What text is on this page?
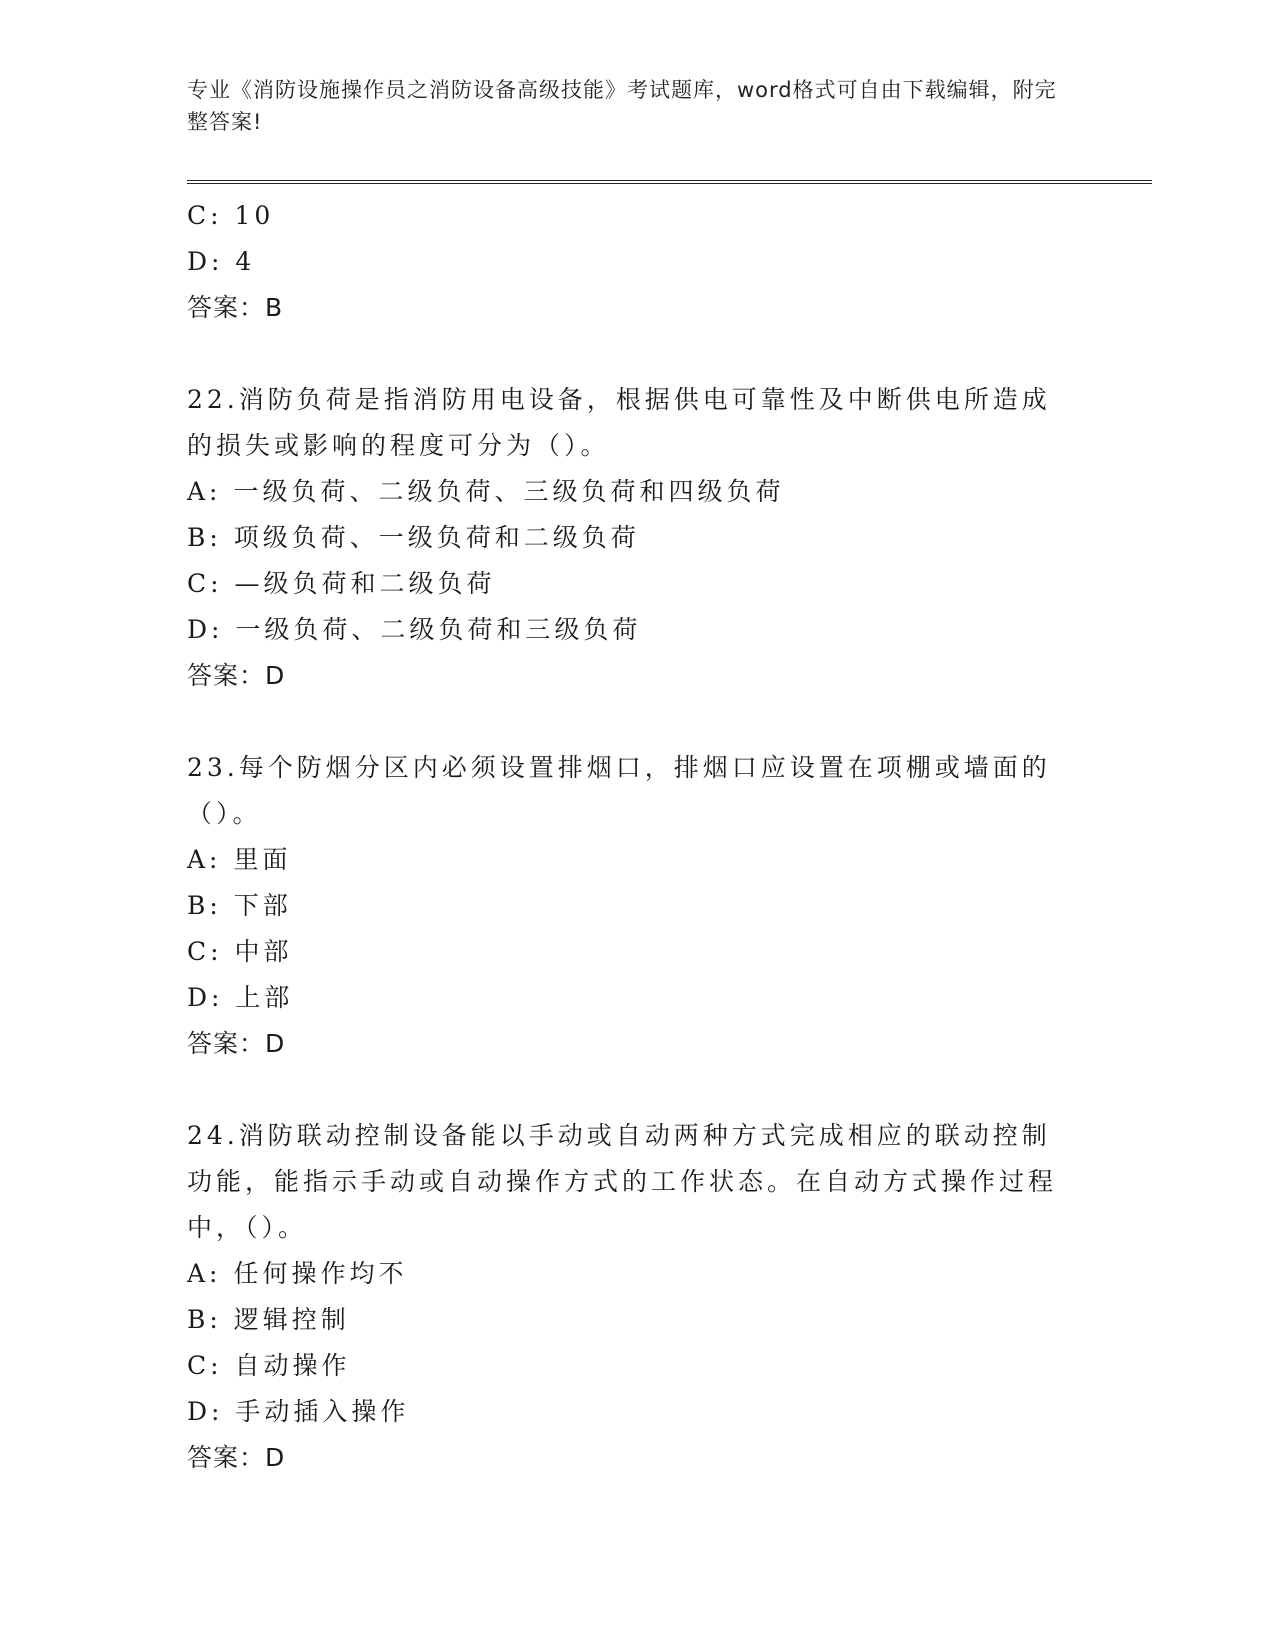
专业《消防设施操作员之消防设备高级技能》考试题库，word格式可自由下载编辑，附完整答案!
C: 10
D: 4
答案：B
22.消防负荷是指消防用电设备，根据供电可靠性及中断供电所造成的损失或影响的程度可分为（）。
A: 一级负荷、二级负荷、三级负荷和四级负荷
B: 项级负荷、一级负荷和二级负荷
C: —级负荷和二级负荷
D: 一级负荷、二级负荷和三级负荷
答案：D
23.每个防烟分区内必须设置排烟口，排烟口应设置在项棚或墙面的（）。
A: 里面
B: 下部
C: 中部
D: 上部
答案：D
24.消防联动控制设备能以手动或自动两种方式完成相应的联动控制功能，能指示手动或自动操作方式的工作状态。在自动方式操作过程中，（）。
A: 任何操作均不
B: 逻辑控制
C: 自动操作
D: 手动插入操作
答案：D
